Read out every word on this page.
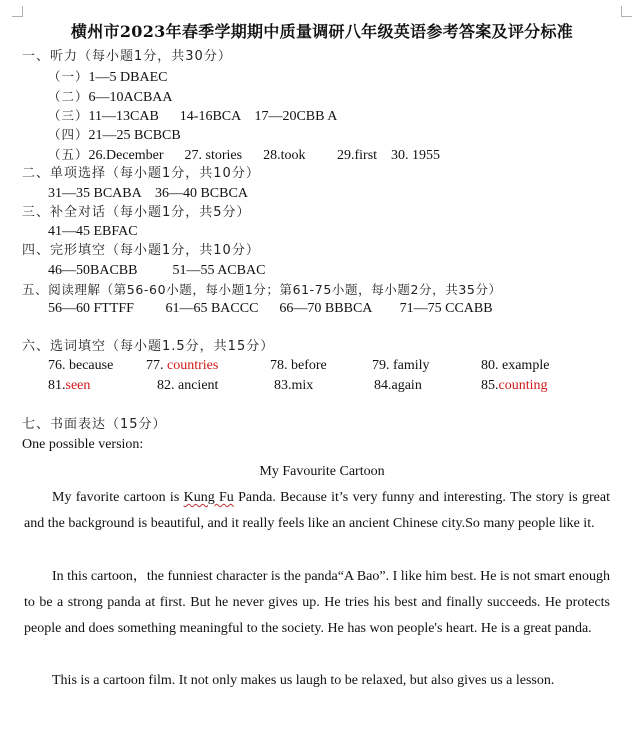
横州市2023年春季学期期中质量调研八年级英语参考答案及评分标准
一、听力（每小题1分，共30分）
（一）1—5 DBAEC
（二）6—10ACBAA
（三）11—13CAB      14-16BCA    17—20CBB A
（四）21—25 BCBCB
（五）26.December      27. stories      28.took         29.first    30. 1955
二、单项选择（每小题1分，共10分）
31—35 BCABA    36—40 BCBCA
三、补全对话（每小题1分，共5分）
41—45 EBFAC
四、完形填空（每小题1分，共10分）
46—50BACBB          51—55 ACBAC
五、阅读理解（第56-60小题，每小题1分；第61-75小题，每小题2分，共35分）
56—60 FTTFF         61—65 BACCC      66—70 BBBCA        71—75 CCABB
六、选词填空（每小题1.5分，共15分）
76. because 77. countries	78. before	79. family	80. example
81.seen	82. ancient	83.mix	84.again	85.counting
七、书面表达（15分）
One possible version:
My Favourite Cartoon
My favorite cartoon is Kung Fu Panda. Because it’s very funny and interesting. The story is great and the background is beautiful, and it really feels like an ancient Chinese city.So many people like it.
In this cartoon，the funniest character is the panda“A Bao”. I like him best. He is not smart enough to be a strong panda at first. But he never gives up. He tries his best and finally succeeds. He protects people and does something meaningful to the society. He has won people's heart. He is a great panda.
This is a cartoon film. It not only makes us laugh to be relaxed, but also gives us a lesson.
